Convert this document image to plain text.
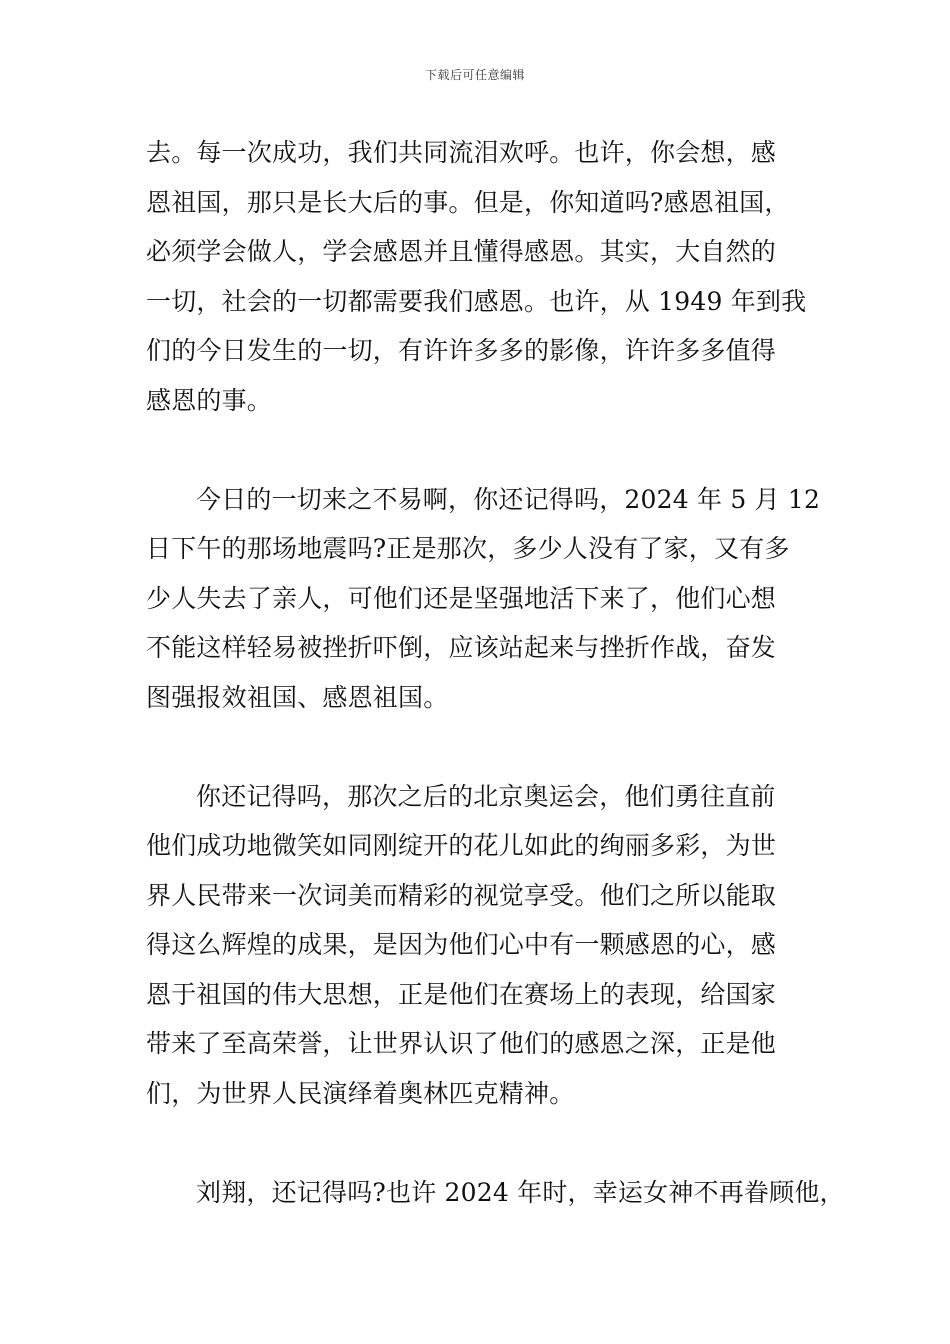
下载后可任意编辑
去。每一次成功，我们共同流泪欢呼。也许，你会想，感
恩祖国，那只是长大后的事。但是，你知道吗?感恩祖国，
必须学会做人，学会感恩并且懂得感恩。其实，大自然的
一切，社会的一切都需要我们感恩。也许，从 1949 年到我
们的今日发生的一切，有许许多多的影像，许许多多值得
感恩的事。
今日的一切来之不易啊，你还记得吗，2024 年 5 月 12
日下午的那场地震吗?正是那次，多少人没有了家，又有多
少人失去了亲人，可他们还是坚强地活下来了，他们心想
不能这样轻易被挫折吓倒，应该站起来与挫折作战，奋发
图强报效祖国、感恩祖国。
你还记得吗，那次之后的北京奥运会，他们勇往直前
他们成功地微笑如同刚绽开的花儿如此的绚丽多彩，为世
界人民带来一次词美而精彩的视觉享受。他们之所以能取
得这么辉煌的成果，是因为他们心中有一颗感恩的心，感
恩于祖国的伟大思想，正是他们在赛场上的表现，给国家
带来了至高荣誉，让世界认识了他们的感恩之深，正是他
们，为世界人民演绎着奥林匹克精神。
刘翔，还记得吗?也许 2024 年时，幸运女神不再眷顾他，
